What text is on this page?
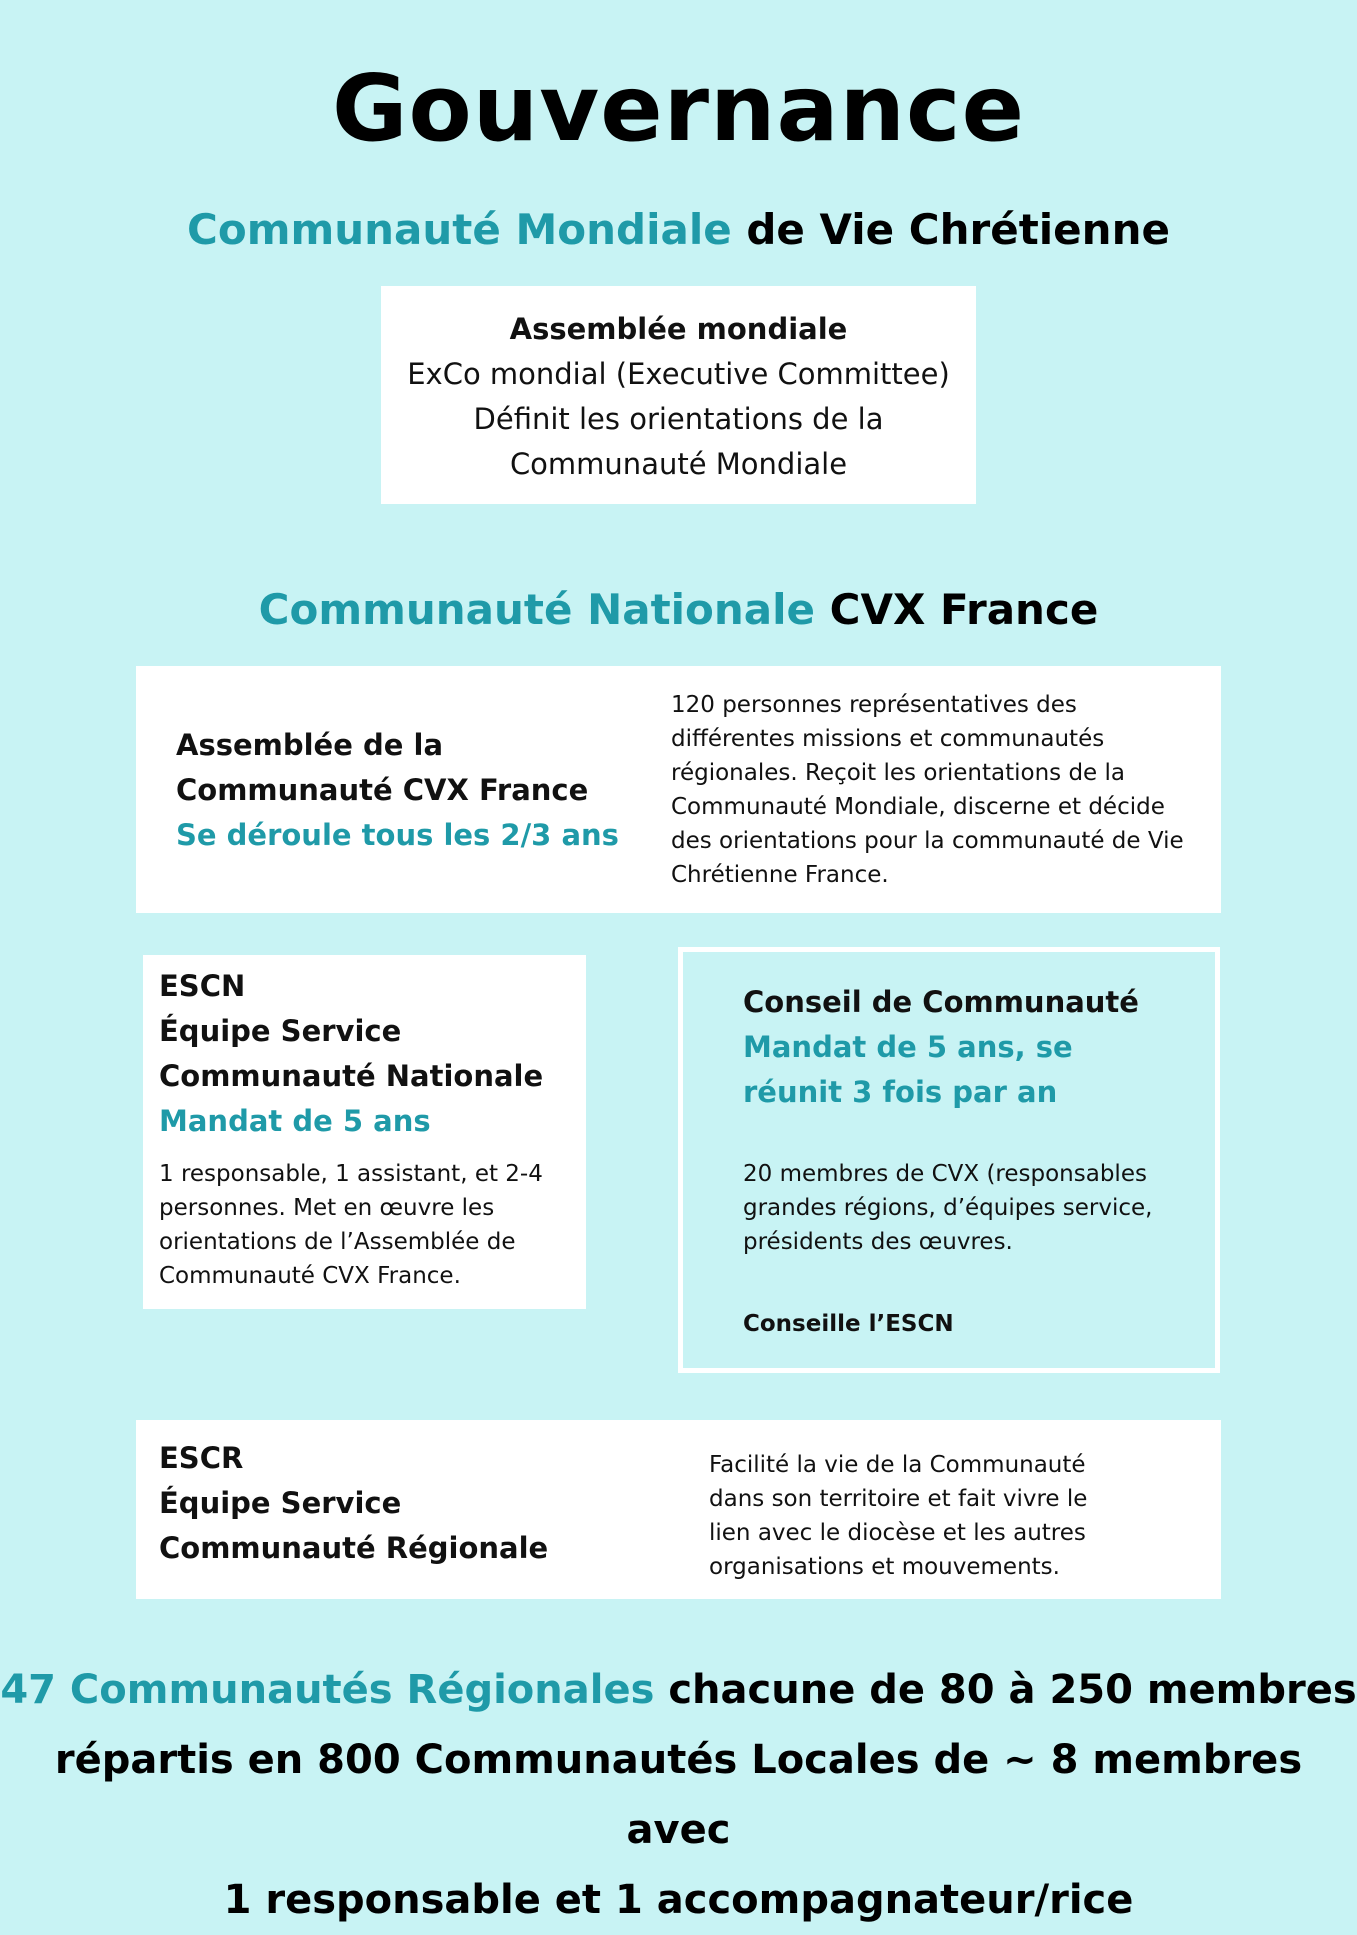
Gouvernance
Communauté Mondiale de Vie Chrétienne
Assemblée mondiale
ExCo mondial (Executive Committee)
Définit les orientations de la
Communauté Mondiale
Communauté Nationale CVX France
Assemblée de la
Communauté CVX France
Se déroule tous les 2/3 ans
120 personnes représentatives des
différentes missions et communautés
régionales. Reçoit les orientations de la
Communauté Mondiale, discerne et décide
des orientations pour la communauté de Vie
Chrétienne France.
ESCN
Équipe Service
Communauté Nationale
Mandat de 5 ans
1 responsable, 1 assistant, et 2-4
personnes. Met en œuvre les
orientations de l’Assemblée de
Communauté CVX France.
Conseil de Communauté
Mandat de 5 ans, se
réunit 3 fois par an
20 membres de CVX (responsables
grandes régions, d’équipes service,
présidents des œuvres.
Conseille l’ESCN
ESCR
Équipe Service
Communauté Régionale
Facilité la vie de la Communauté
dans son territoire et fait vivre le
lien avec le diocèse et les autres
organisations et mouvements.
47 Communautés Régionales chacune de 80 à 250 membres
répartis en 800 Communautés Locales de ~ 8 membres avec
1 responsable et 1 accompagnateur/rice
